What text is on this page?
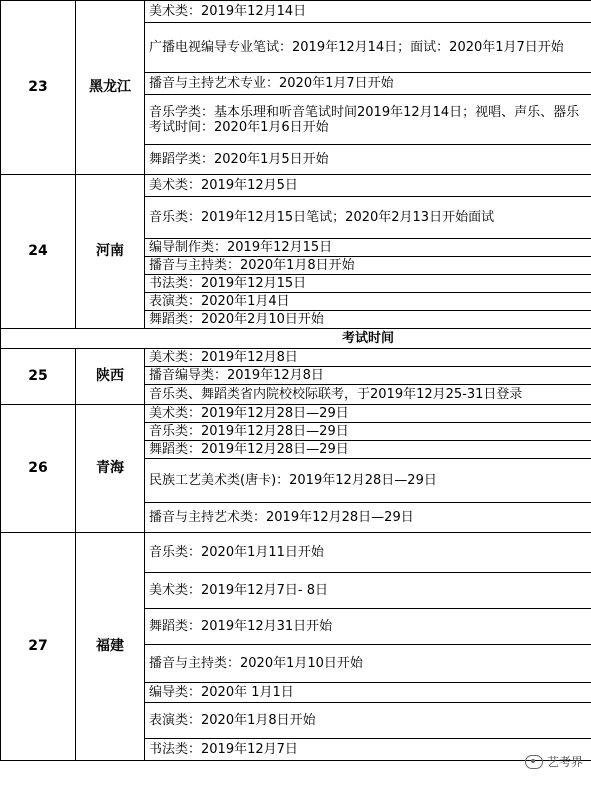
23	黑龙江	美术类：2019年12月14日
		广播电视编导专业笔试：2019年12月14日；面试：2020年1月7日开始
		播音与主持艺术专业：2020年1月7日开始
		音乐学类：基本乐理和听音笔试时间2019年12月14日；视唱、声乐、器乐考试时间：2020年1月6日开始
		舞蹈学类：2020年1月5日开始
24	河南	美术类：2019年12月5日
		音乐类：2019年12月15日笔试；2020年2月13日开始面试
		编导制作类：2019年12月15日
		播音与主持类：2020年1月8日开始
		书法类：2019年12月15日
		表演类：2020年1月4日
		舞蹈类：2020年2月10日开始
考试时间		
25	陕西	美术类：2019年12月8日
		播音编导类：2019年12月8日
		音乐类、舞蹈类省内院校校际联考，于2019年12月25-31日登录
26	青海	美术类：2019年12月28日—29日
		音乐类：2019年12月28日—29日
		舞蹈类：2019年12月28日—29日
		民族工艺美术类(唐卡)：2019年12月28日—29日
		播音与主持艺术类：2019年12月28日—29日
27	福建	音乐类：2020年1月11日开始
		美术类：2019年12月7日- 8日
		舞蹈类：2019年12月31日开始
		播音与主持类：2020年1月10日开始
		编导类：2020年 1月1日
		表演类：2020年1月8日开始
		书法类：2019年12月7日
艺考界
